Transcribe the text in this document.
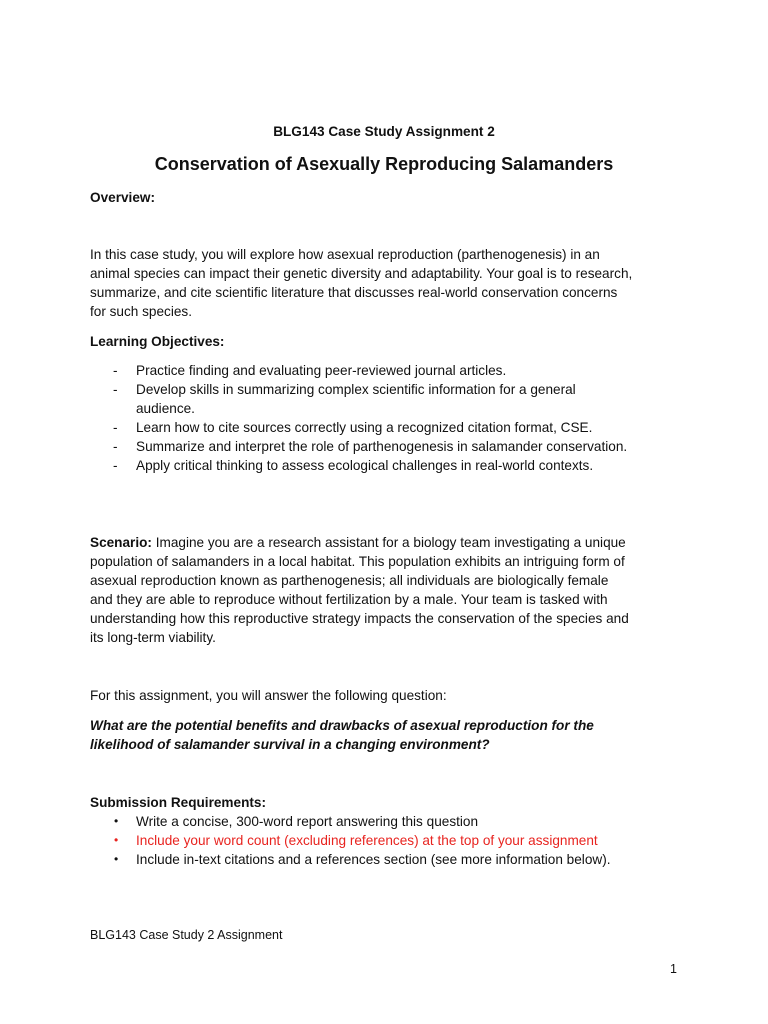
BLG143 Case Study Assignment 2
Conservation of Asexually Reproducing Salamanders
Overview:
In this case study, you will explore how asexual reproduction (parthenogenesis) in an
animal species can impact their genetic diversity and adaptability. Your goal is to research,
summarize, and cite scientific literature that discusses real-world conservation concerns
for such species.
Learning Objectives:
- Practice finding and evaluating peer-reviewed journal articles.
- Develop skills in summarizing complex scientific information for a general
audience.
- Learn how to cite sources correctly using a recognized citation format, CSE.
- Summarize and interpret the role of parthenogenesis in salamander conservation.
- Apply critical thinking to assess ecological challenges in real-world contexts.
Scenario: Imagine you are a research assistant for a biology team investigating a unique
population of salamanders in a local habitat. This population exhibits an intriguing form of
asexual reproduction known as parthenogenesis; all individuals are biologically female
and they are able to reproduce without fertilization by a male. Your team is tasked with
understanding how this reproductive strategy impacts the conservation of the species and
its long-term viability.
For this assignment, you will answer the following question:
What are the potential benefits and drawbacks of asexual reproduction for the
likelihood of salamander survival in a changing environment?
Submission Requirements:
• Write a concise, 300-word report answering this question
• Include your word count (excluding references) at the top of your assignment
• Include in-text citations and a references section (see more information below).
BLG143 Case Study 2 Assignment
1
